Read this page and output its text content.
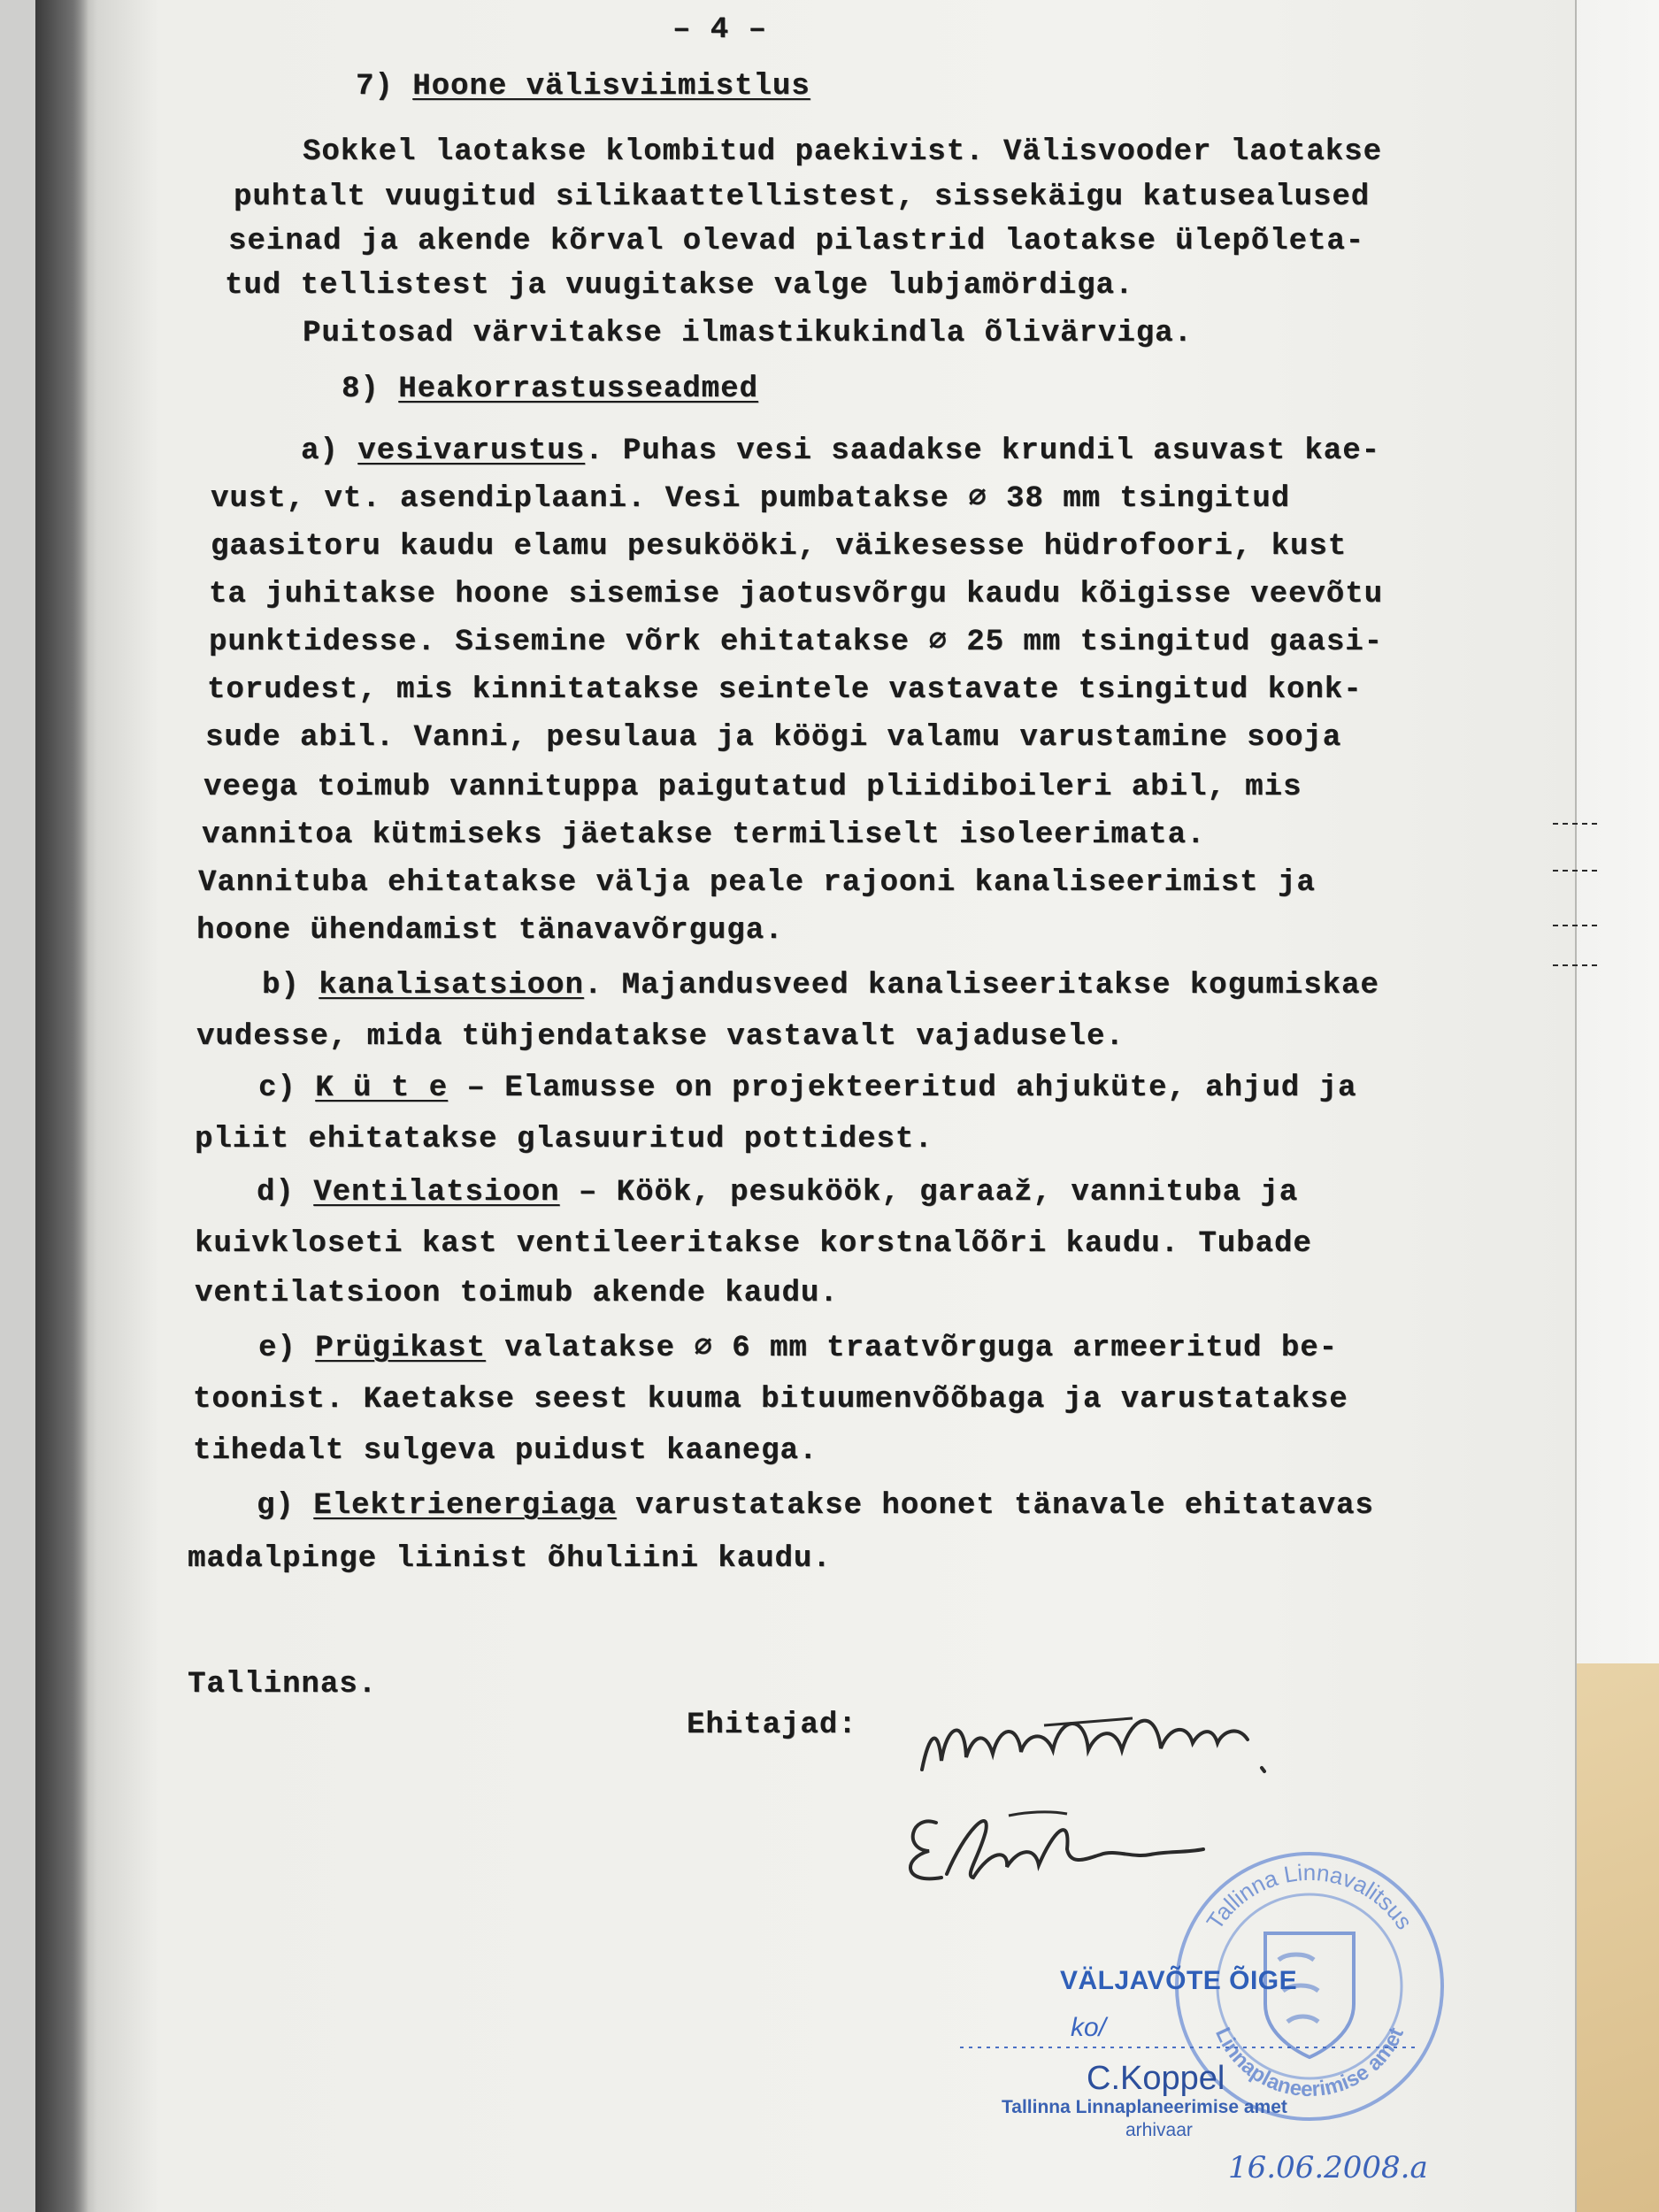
– 4 –

7) Hoone välisviimistlus

Sokkel laotakse klombitud paekivist. Välisvooder laotakse

puhtalt vuugitud silikaattellistest, sissekäigu katusealused

seinad ja akende kõrval olevad pilastrid laotakse ülepõleta-

tud tellistest ja vuugitakse valge lubjamördiga.

Puitosad värvitakse ilmastikukindla õlivärviga.

8) Heakorrastusseadmed

a) vesivarustus. Puhas vesi saadakse krundil asuvast kae-

vust, vt. asendiplaani. Vesi pumbatakse ∅ 38 mm tsingitud

gaasitoru kaudu elamu pesukööki, väikesesse hüdrofoori, kust

ta juhitakse hoone sisemise jaotusvõrgu kaudu kõigisse veevõtu

punktidesse. Sisemine võrk ehitatakse ∅ 25 mm tsingitud gaasi-

torudest, mis kinnitatakse seintele vastavate tsingitud konk-

sude abil. Vanni, pesulaua ja köögi valamu varustamine sooja

veega toimub vannituppa paigutatud pliidiboileri abil, mis

vannitoa kütmiseks jäetakse termiliselt isoleerimata.

Vannituba ehitatakse välja peale rajooni kanaliseerimist ja

hoone ühendamist tänavavõrguga.

b) kanalisatsioon. Majandusveed kanaliseeritakse kogumiskae

vudesse, mida tühjendatakse vastavalt vajadusele.

c) K ü t e – Elamusse on projekteeritud ahjuküte, ahjud ja

pliit ehitatakse glasuuritud pottidest.

d) Ventilatsioon – Köök, pesuköök, garaaž, vannituba ja

kuivkloseti kast ventileeritakse korstnalõõri kaudu. Tubade

ventilatsioon toimub akende kaudu.

e) Prügikast valatakse ∅ 6 mm traatvõrguga armeeritud be-

toonist. Kaetakse seest kuuma bituumenvõõbaga ja varustatakse

tihedalt sulgeva puidust kaanega.

g) Elektrienergiaga varustatakse hoonet tänavale ehitatavas

madalpinge liinist õhuliini kaudu.

Tallinnas.

Ehitajad:

Tallinna Linnavalitsus
Linnaplaneerimise amet

VÄLJAVÕTE ÕIGE

ko/

C.Koppel

Tallinna Linnaplaneerimise amet

arhivaar

16.06.2008.a
